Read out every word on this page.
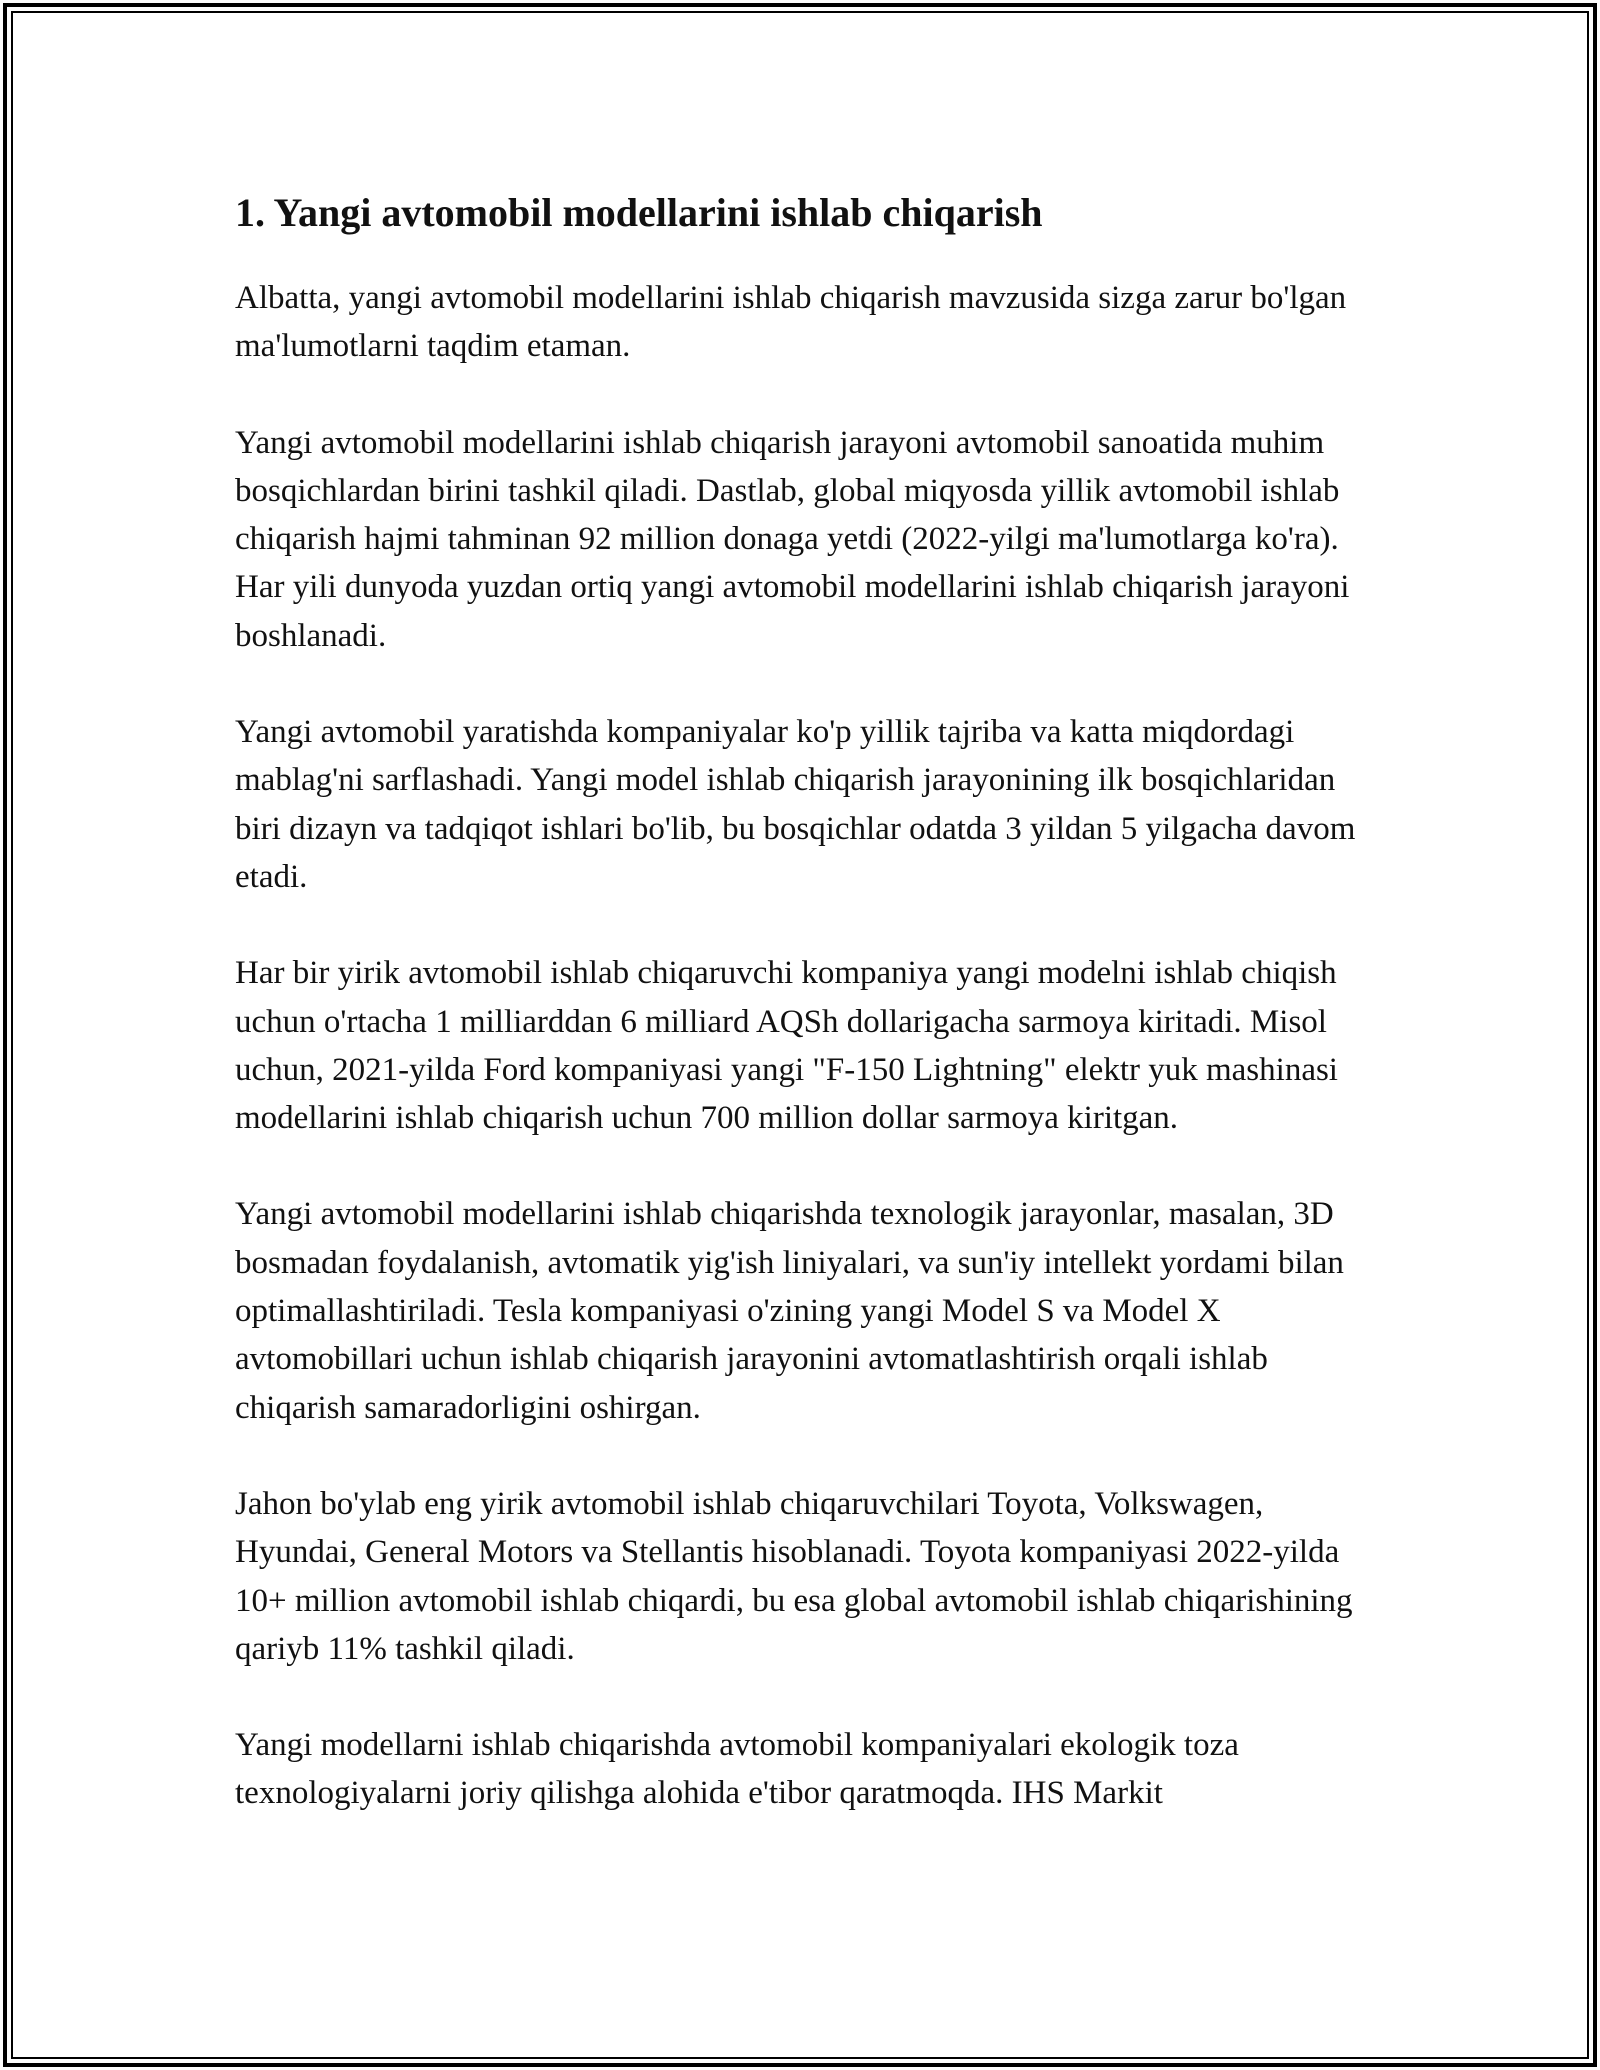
1. Yangi avtomobil modellarini ishlab chiqarish

Albatta, yangi avtomobil modellarini ishlab chiqarish mavzusida sizga zarur bo'lgan ma'lumotlarni taqdim etaman.

Yangi avtomobil modellarini ishlab chiqarish jarayoni avtomobil sanoatida muhim bosqichlardan birini tashkil qiladi. Dastlab, global miqyosda yillik avtomobil ishlab chiqarish hajmi tahminan 92 million donaga yetdi (2022-yilgi ma'lumotlarga ko'ra). Har yili dunyoda yuzdan ortiq yangi avtomobil modellarini ishlab chiqarish jarayoni boshlanadi.

Yangi avtomobil yaratishda kompaniyalar ko'p yillik tajriba va katta miqdordagi mablag'ni sarflashadi. Yangi model ishlab chiqarish jarayonining ilk bosqichlaridan biri dizayn va tadqiqot ishlari bo'lib, bu bosqichlar odatda 3 yildan 5 yilgacha davom etadi.

Har bir yirik avtomobil ishlab chiqaruvchi kompaniya yangi modelni ishlab chiqish uchun o'rtacha 1 milliarddan 6 milliard AQSh dollarigacha sarmoya kiritadi. Misol uchun, 2021-yilda Ford kompaniyasi yangi "F-150 Lightning" elektr yuk mashinasi modellarini ishlab chiqarish uchun 700 million dollar sarmoya kiritgan.

Yangi avtomobil modellarini ishlab chiqarishda texnologik jarayonlar, masalan, 3D bosmadan foydalanish, avtomatik yig'ish liniyalari, va sun'iy intellekt yordami bilan optimallashtiriladi. Tesla kompaniyasi o'zining yangi Model S va Model X avtomobillari uchun ishlab chiqarish jarayonini avtomatlashtirish orqali ishlab chiqarish samaradorligini oshirgan.

Jahon bo'ylab eng yirik avtomobil ishlab chiqaruvchilari Toyota, Volkswagen, Hyundai, General Motors va Stellantis hisoblanadi. Toyota kompaniyasi 2022-yilda 10+ million avtomobil ishlab chiqardi, bu esa global avtomobil ishlab chiqarishining qariyb 11% tashkil qiladi.

Yangi modellarni ishlab chiqarishda avtomobil kompaniyalari ekologik toza texnologiyalarni joriy qilishga alohida e'tibor qaratmoqda. IHS Markit
